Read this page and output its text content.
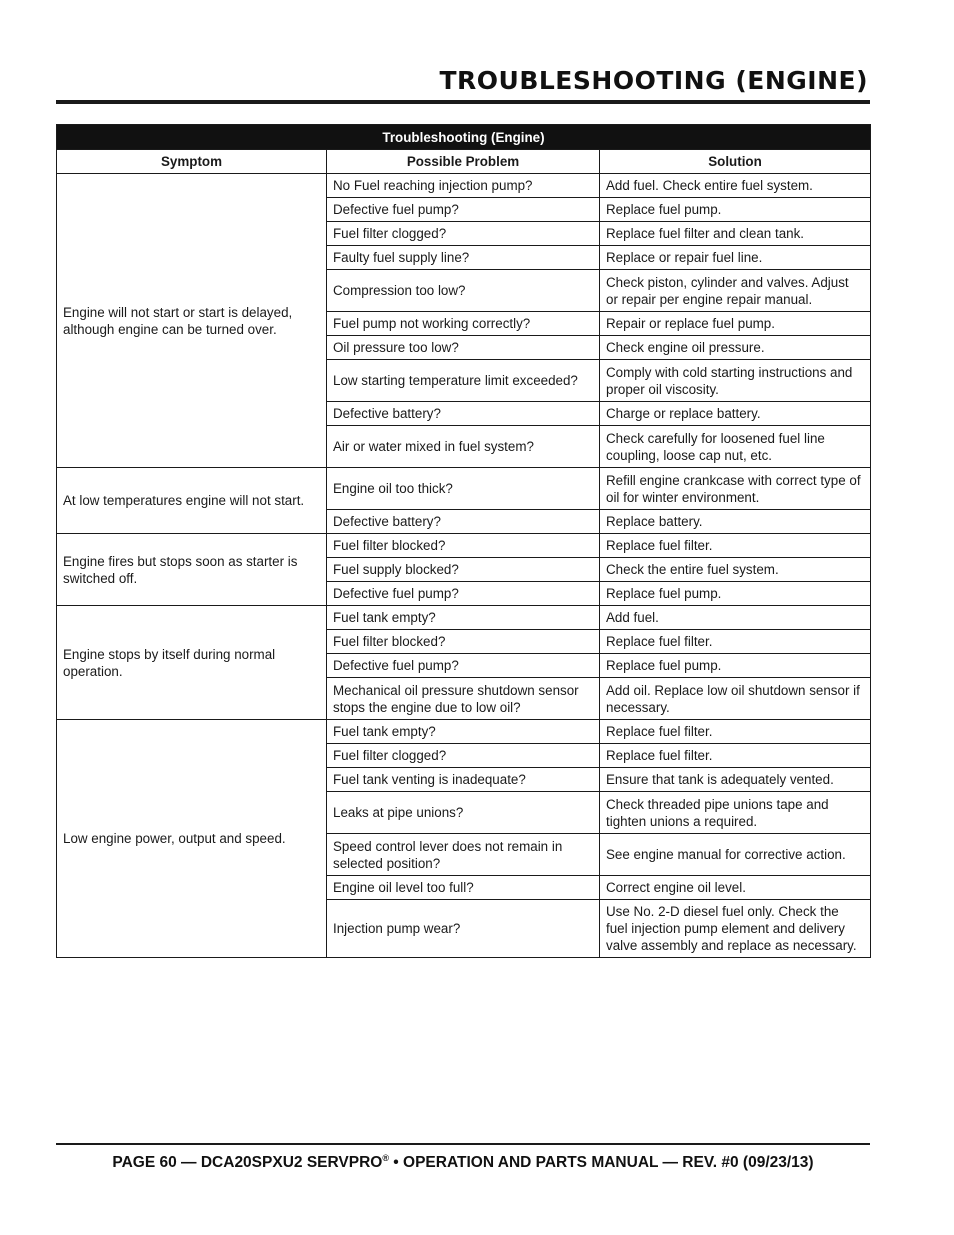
TROUBLESHOOTING (ENGINE)
Troubleshooting (Engine)		
Symptom	Possible Problem	Solution
Engine will not start or start is delayed, although engine can be turned over.	No Fuel reaching injection pump?	Add fuel. Check entire fuel system.
	Defective fuel pump?	Replace fuel pump.
	Fuel filter clogged?	Replace fuel filter and clean tank.
	Faulty fuel supply line?	Replace or repair fuel line.
	Compression too low?	Check piston, cylinder and valves. Adjust or repair per engine repair manual.
	Fuel pump not working correctly?	Repair or replace fuel pump.
	Oil pressure too low?	Check engine oil pressure.
	Low starting temperature limit exceeded?	Comply with cold starting instructions and proper oil viscosity.
	Defective battery?	Charge or replace battery.
	Air or water mixed in fuel system?	Check carefully for loosened fuel line coupling, loose cap nut, etc.
At low temperatures engine will not start.	Engine oil too thick?	Refill engine crankcase with correct type of oil for winter environment.
	Defective battery?	Replace battery.
Engine fires but stops soon as starter is switched off.	Fuel filter blocked?	Replace fuel filter.
	Fuel supply blocked?	Check the entire fuel system.
	Defective fuel pump?	Replace fuel pump.
Engine stops by itself during normal operation.	Fuel tank empty?	Add fuel.
	Fuel filter blocked?	Replace fuel filter.
	Defective fuel pump?	Replace fuel pump.
	Mechanical oil pressure shutdown sensor stops the engine due to low oil?	Add oil. Replace low oil shutdown sensor if necessary.
Low engine power, output and speed.	Fuel tank empty?	Replace fuel filter.
	Fuel filter clogged?	Replace fuel filter.
	Fuel tank venting is inadequate?	Ensure that tank is adequately vented.
	Leaks at pipe unions?	Check threaded pipe unions tape and tighten unions a required.
	Speed control lever does not remain in selected position?	See engine manual for corrective action.
	Engine oil level too full?	Correct engine oil level.
	Injection pump wear?	Use No. 2-D diesel fuel only. Check the fuel injection pump element and delivery valve assembly and replace as necessary.
PAGE 60 — DCA20SPXU2 SERVPRO® • OPERATION AND PARTS MANUAL — REV. #0 (09/23/13)
